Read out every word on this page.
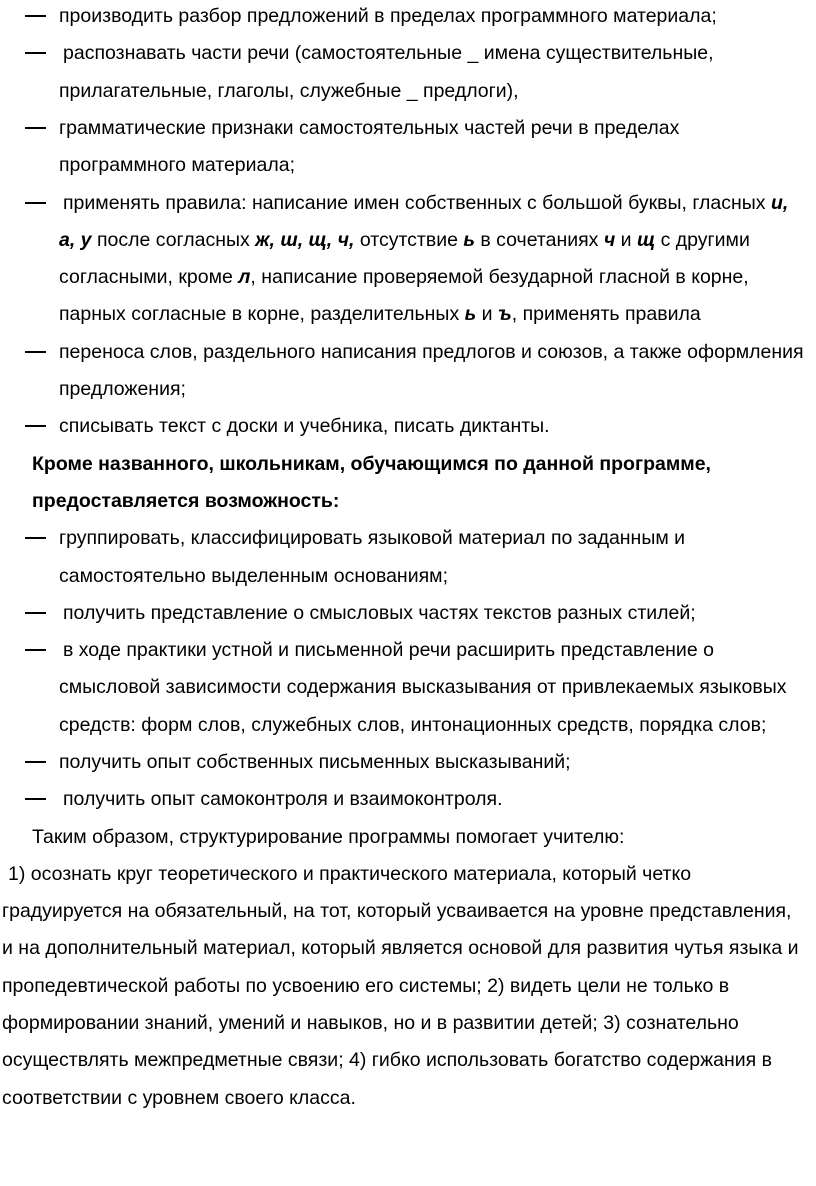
производить разбор предложений в пределах программного материала;
распознавать части речи (самостоятельные _ имена существительные,
прилагательные, глаголы, служебные _ предлоги),
грамматические признаки самостоятельных частей речи в пределах
программного материала;
применять правила: написание имен собственных с большой буквы, гласных и,
а, у после согласных ж, ш, щ, ч, отсутствие ь в сочетаниях ч и щ с другими
согласными, кроме л, написание проверяемой безударной гласной в корне,
парных согласные в корне, разделительных ь и ъ, применять правила
переноса слов, раздельного написания предлогов и союзов, а также оформления
предложения;
списывать текст с доски и учебника, писать диктанты.
Кроме названного, школьникам, обучающимся по данной программе,
предоставляется возможность:
группировать, классифицировать языковой материал по заданным и
самостоятельно выделенным основаниям;
получить представление о смысловых частях текстов разных стилей;
в ходе практики устной и письменной речи расширить представление о
смысловой зависимости содержания высказывания от привлекаемых языковых
средств: форм слов, служебных слов, интонационных средств, порядка слов;
получить опыт собственных письменных высказываний;
получить опыт самоконтроля и взаимоконтроля.
Таким образом, структурирование программы помогает учителю:
1) осознать круг теоретического и практического материала, который четко
градуируется на обязательный, на тот, который усваивается на уровне представления,
и на дополнительный материал, который является основой для развития чутья языка и
пропедевтической работы по усвоению его системы; 2) видеть цели не только в
формировании знаний, умений и навыков, но и в развитии детей; 3) сознательно
осуществлять межпредметные связи; 4) гибко использовать богатство содержания в
соответствии с уровнем своего класса.
